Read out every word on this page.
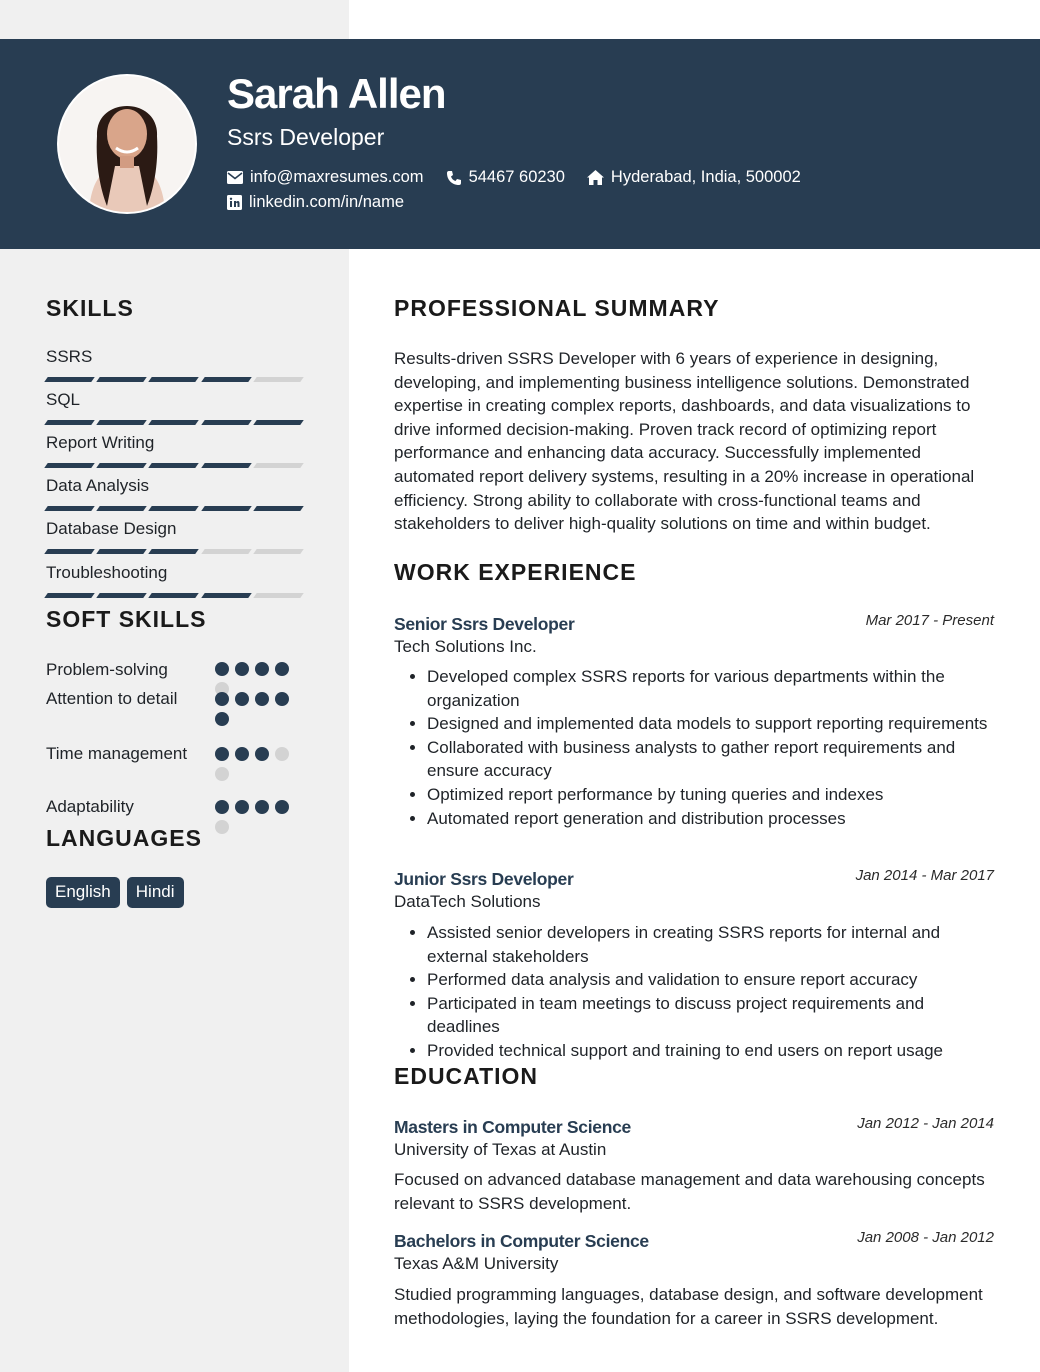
Sarah Allen
Ssrs Developer
info@maxresumes.com	54467 60230	Hyderabad, India, 500002
linkedin.com/in/name
SKILLS
SSRS
SQL
Report Writing
Data Analysis
Database Design
Troubleshooting
SOFT SKILLS
Problem-solving
Attention to detail
Time management
Adaptability
LANGUAGES
English	Hindi
PROFESSIONAL SUMMARY

Results-driven SSRS Developer with 6 years of experience in designing, developing, and implementing business intelligence solutions. Demonstrated expertise in creating complex reports, dashboards, and data visualizations to drive informed decision-making. Proven track record of optimizing report performance and enhancing data accuracy. Successfully implemented automated report delivery systems, resulting in a 20% increase in operational efficiency. Strong ability to collaborate with cross-functional teams and stakeholders to deliver high-quality solutions on time and within budget.

WORK EXPERIENCE
Senior Ssrs Developer	Mar 2017 - Present
Tech Solutions Inc.
• Developed complex SSRS reports for various departments within the organization
• Designed and implemented data models to support reporting requirements
• Collaborated with business analysts to gather report requirements and ensure accuracy
• Optimized report performance by tuning queries and indexes
• Automated report generation and distribution processes
Junior Ssrs Developer	Jan 2014 - Mar 2017
DataTech Solutions
• Assisted senior developers in creating SSRS reports for internal and external stakeholders
• Performed data analysis and validation to ensure report accuracy
• Participated in team meetings to discuss project requirements and deadlines
• Provided technical support and training to end users on report usage
EDUCATION
Masters in Computer Science	Jan 2012 - Jan 2014
University of Texas at Austin

Focused on advanced database management and data warehousing concepts relevant to SSRS development.

Bachelors in Computer Science	Jan 2008 - Jan 2012
Texas A&M University

Studied programming languages, database design, and software development methodologies, laying the foundation for a career in SSRS development.
